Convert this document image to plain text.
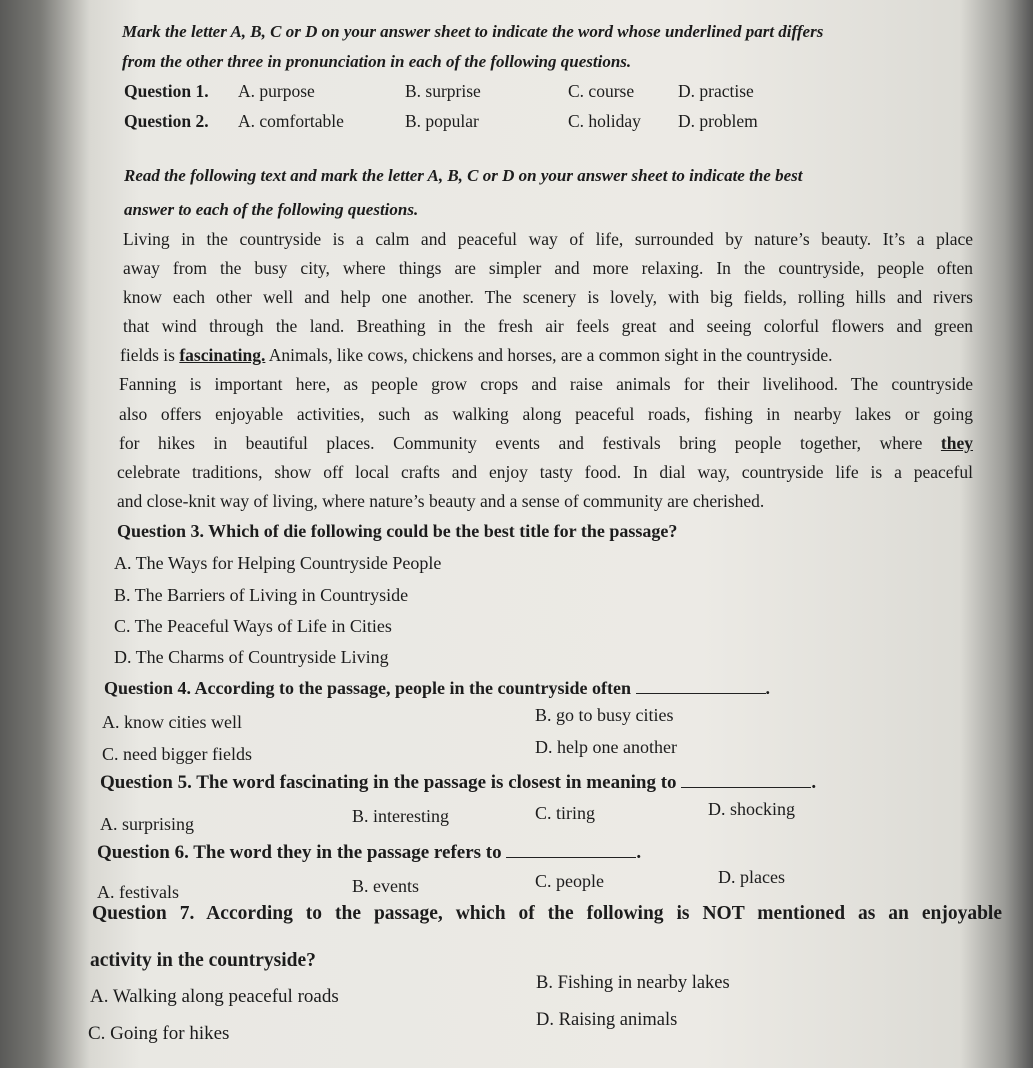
Mark the letter A, B, C or D on your answer sheet to indicate the word whose underlined part differs
from the other three in pronunciation in each of the following questions.
Question 1. A. purpose	B. surprise	C. course	D. practise
Question 2. A. comfortable	B. popular	C. holiday D. problem
Read the following text and mark the letter A, B, C or D on your answer sheet to indicate the best
answer to each of the following questions.
Living in the countryside is a calm and peaceful way of life, surrounded by nature’s beauty. It’s a place
away from the busy city, where things are simpler and more relaxing. In the countryside, people often
know each other well and help one another. The scenery is lovely, with big fields, rolling hills and rivers
that wind through the land. Breathing in the fresh air feels great and seeing colorful flowers and green
fields is fascinating. Animals, like cows, chickens and horses, are a common sight in the countryside.
Fanning is important here, as people grow crops and raise animals for their livelihood. The countryside
also offers enjoyable activities, such as walking along peaceful roads, fishing in nearby lakes or going
for hikes in beautiful places. Community events and festivals bring people together, where they
celebrate traditions, show off local crafts and enjoy tasty food. In dial way, countryside life is a peaceful
and close-knit way of living, where nature’s beauty and a sense of community are cherished.
Question 3. Which of die following could be the best title for the passage?
A. The Ways for Helping Countryside People
B. The Barriers of Living in Countryside
C. The Peaceful Ways of Life in Cities
D. The Charms of Countryside Living
Question 4. According to the passage, people in the countryside often	.
A. know cities well	B. go to busy cities
C. need bigger fields	D. help one another
Question 5. The word fascinating in the passage is closest in meaning to	.
A. surprising	B. interesting	C. tiring	D. shocking
Question 6. The word they in the passage refers to	.
A. festivals	B. events	C. people	D. places
Question 7. According to the passage, which of the following is NOT mentioned as an enjoyable
activity in the countryside?
A. Walking along peaceful roads
B. Fishing in nearby lakes
C. Going for hikes
D. Raising animals
